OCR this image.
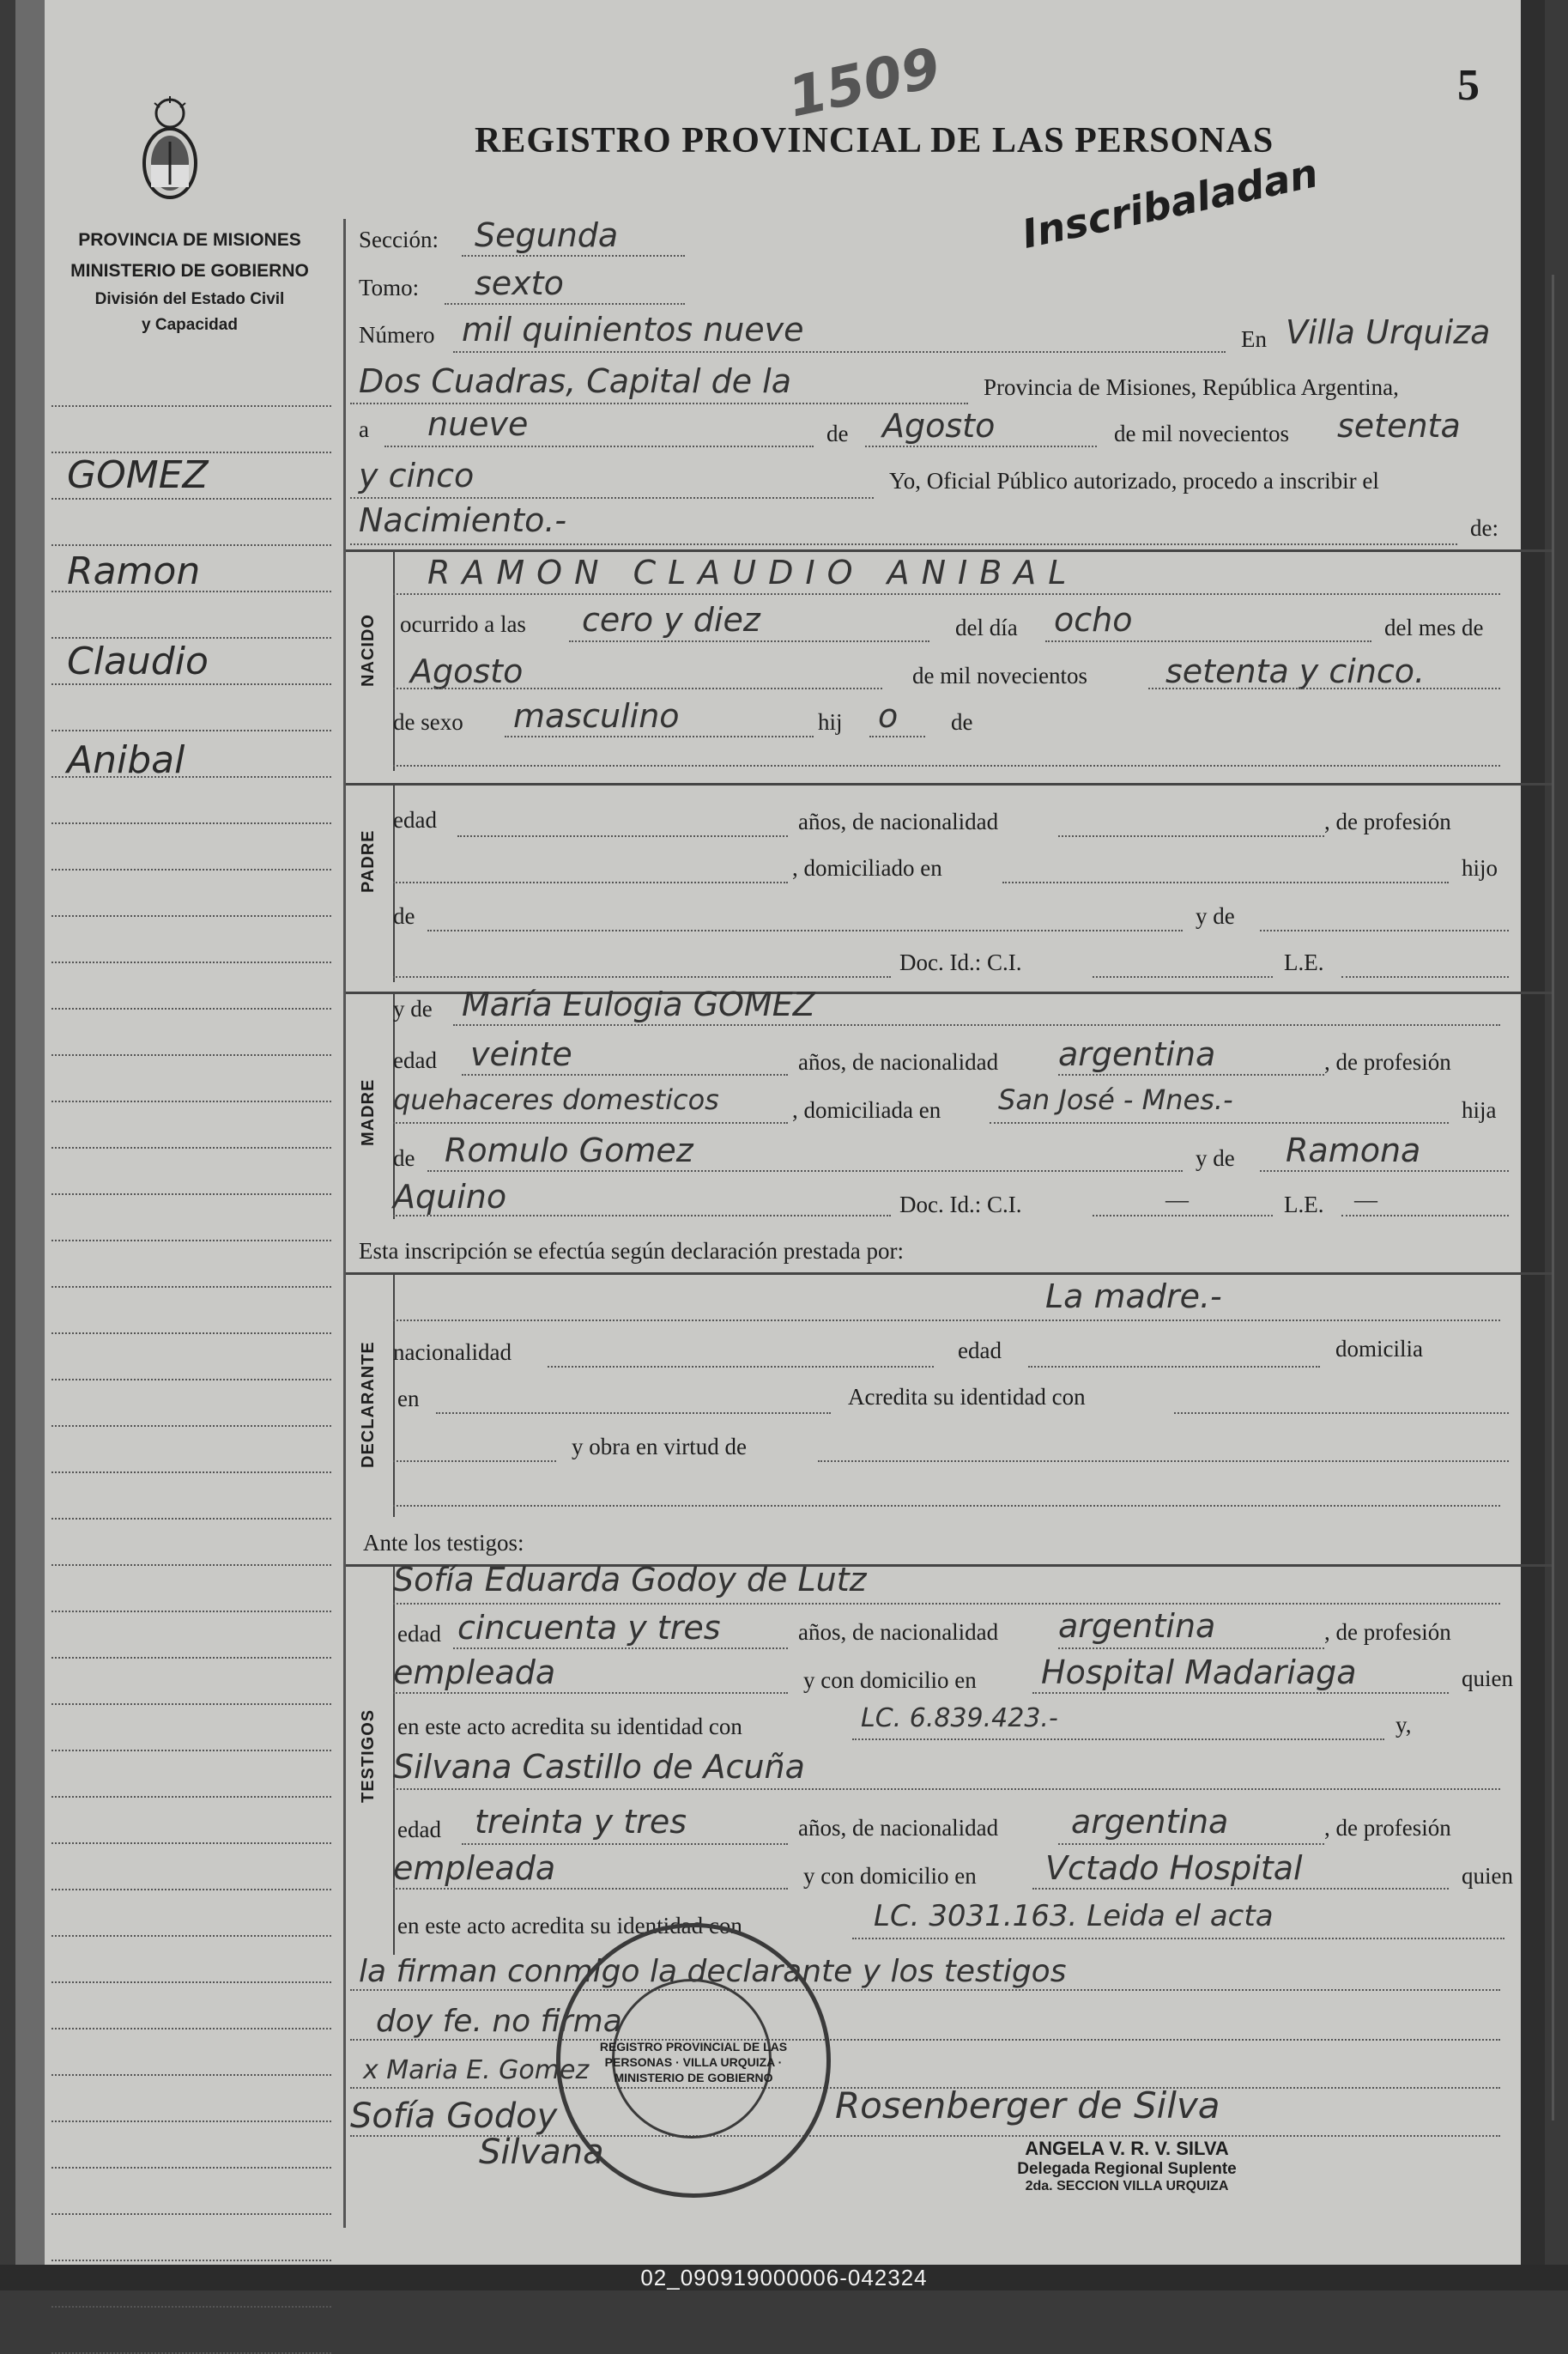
5
1509
Inscribaladan
REGISTRO PROVINCIAL DE LAS PERSONAS
PROVINCIA DE MISIONES
MINISTERIO DE GOBIERNO
División del Estado Civil
y Capacidad
GOMEZ
Ramon
Claudio
Anibal
Sección: Segunda
Tomo: sexto
Número mil quinientos nueve	En Villa Urquiza
Dos Cuadras, Capital de la	Provincia de Misiones, República Argentina,
a nueve	de Agosto	de mil novecientos setenta
y cinco	Yo, Oficial Público autorizado, procedo a inscribir el
Nacimiento.-	de:
NACIDO
RAMON CLAUDIO ANIBAL
ocurrido a las cero y diez	del día ocho	del mes de
Agosto	de mil novecientos setenta y cinco.
de sexo masculino	hij o de
PADRE
edad	años, de nacionalidad	, de profesión
, domiciliado en	hijo
de	y de
Doc. Id.: C.I.	L.E.
MADRE
y de María Eulogia GOMEZ
edad veinte	años, de nacionalidad argentina	, de profesión
quehaceres domesticos	, domiciliada en San José - Mnes.-	hija
de Romulo Gomez	y de Ramona
Aquino	Doc. Id.: C.I.	—	L.E. —
Esta inscripción se efectúa según declaración prestada por:
DECLARANTE
La madre.-
nacionalidad	edad	domicilia
en	Acredita su identidad con
y obra en virtud de
Ante los testigos:
TESTIGOS
Sofía Eduarda Godoy de Lutz
edad cincuenta y tres	años, de nacionalidad argentina	, de profesión
empleada	y con domicilio en Hospital Madariaga	quien
en este acto acredita su identidad con	LC. 6.839.423.-	y,
Silvana Castillo de Acuña
edad treinta y tres	años, de nacionalidad argentina	, de profesión
empleada	y con domicilio en Vctado Hospital	quien
en este acto acredita su identidad con	LC. 3031.163. Leida el acta
la firman conmigo la declarante y los testigos
doy fe. no firma
x Maria E. Gomez
Sofía Godoy	Rosenberger de Silva
Silvana
REGISTRO PROVINCIAL DE LAS PERSONAS · VILLA URQUIZA · MINISTERIO DE GOBIERNO
ANGELA V. R. V. SILVA
Delegada Regional Suplente
2da. SECCION VILLA URQUIZA
02_090919000006-042324
